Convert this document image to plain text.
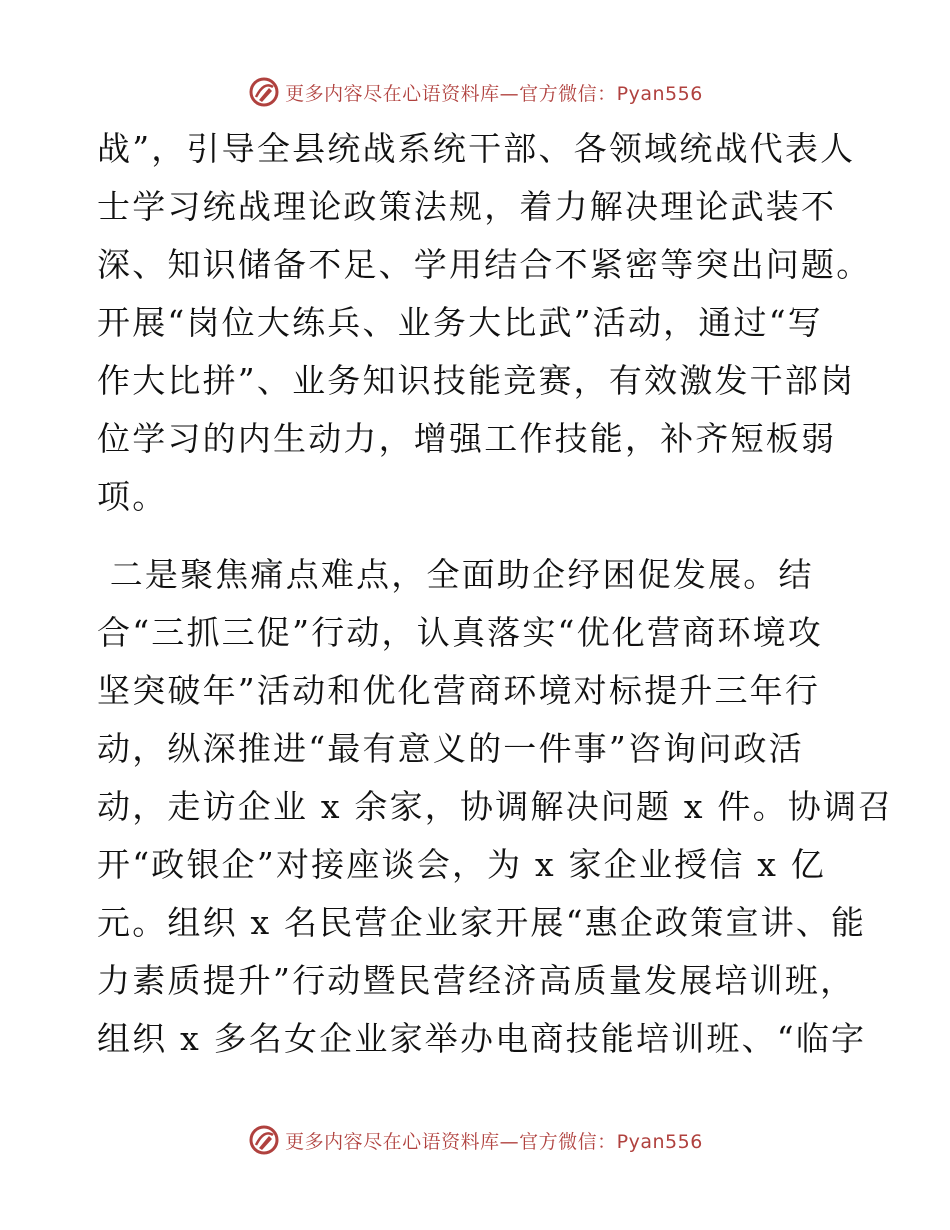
更多内容尽在心语资料库—官方微信：Pyan556
战”，引导全县统战系统干部、各领域统战代表人
士学习统战理论政策法规，着力解决理论武装不
深、知识储备不足、学用结合不紧密等突出问题。
开展“岗位大练兵、业务大比武”活动，通过“写
作大比拼”、业务知识技能竞赛，有效激发干部岗
位学习的内生动力，增强工作技能，补齐短板弱
项。
二是聚焦痛点难点，全面助企纾困促发展。结
合“三抓三促”行动，认真落实“优化营商环境攻
坚突破年”活动和优化营商环境对标提升三年行
动，纵深推进“最有意义的一件事”咨询问政活
动，走访企业 x 余家，协调解决问题 x 件。协调召
开“政银企”对接座谈会，为 x 家企业授信 x 亿
元。组织 x 名民营企业家开展“惠企政策宣讲、能
力素质提升”行动暨民营经济高质量发展培训班，
组织 x 多名女企业家举办电商技能培训班、“临字
更多内容尽在心语资料库—官方微信：Pyan556
